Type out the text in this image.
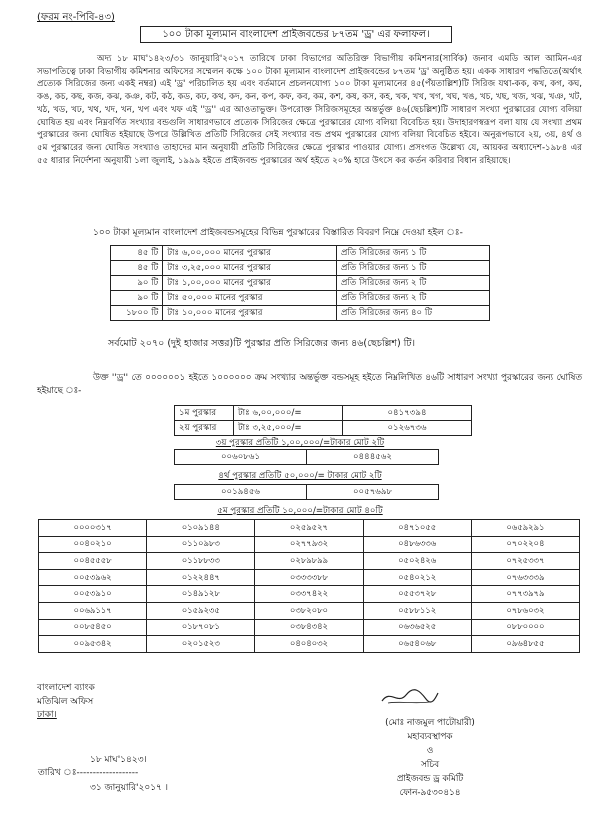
(ফরম নং-পিবি-৪৩)
১০০ টাকা মূল্যমান বাংলাদেশ প্রাইজবন্ডের ৮৭তম 'ড্র' এর ফলাফল।
অদ্য ১৮ মাঘ'১৪২৩/৩১ জানুয়ারি'২০১৭ তারিখে ঢাকা বিভাগের অতিরিক্ত বিভাগীয় কমিশনার(সার্বিক) জনাব এমডি আল আমিন-এর সভাপতিত্বে ঢাকা বিভাগীয় কমিশনার অফিসের সম্মেলন কক্ষে ১০০ টাকা মূল্যমান বাংলাদেশ প্রাইজবন্ডের ৮৭তম 'ড্র' অনুষ্ঠিত হয়। একক সাধারণ পদ্ধতিতে(অর্থাৎ প্রত্যেক সিরিজের জন্য একই নম্বর) এই 'ড্র' পরিচালিত হয় এবং বর্তমানে প্রচলনযোগ্য ১০০ টাকা মূল্যমানের ৪৫(পঁয়তাল্লিশ)টি সিরিজ যথা-কক, কখ, কগ, কঘ, কঙ, কচ, কছ, কজ, কঝ, কঞ, কট, কঠ, কড, কঢ, কথ, কদ, কন, কপ, কফ, কব, কম, কশ, কষ, কস, কহ, খক, খখ, খগ, খঘ, খঙ, খচ, খছ, খজ, খঝ, খঞ, খট, খঠ, খড, খঢ, খথ, খদ, খন, খপ এবং খফ এই ''ড্র'' এর আওতাভুক্ত। উপরোক্ত সিরিজসমূহের অন্তর্ভুক্ত ৪৬(ছেচল্লিশ)টি সাধারণ সংখ্যা পুরস্কারের যোগ্য বলিয়া ঘোষিত হয় এবং নিম্নবর্ণিত সংখ্যার বন্ডগুলি সাধারণভাবে প্রত্যেক সিরিজের ক্ষেত্রে পুরস্কারের যোগ্য বলিয়া বিবেচিত হয়। উদাহারণস্বরূপ বলা যায় যে সংখ্যা প্রথম পুরস্কারের জন্য ঘোষিত হইয়াছে উপরে উল্লিখিত প্রতিটি সিরিজের সেই সংখ্যার বন্ড প্রথম পুরস্কারের যোগ্য বলিয়া বিবেচিত হইবে। অনুরূপভাবে ২য়, ৩য়, ৪র্থ ও ৫ম পুরস্কারের জন্য ঘোষিত সংখ্যাও তাহাদের মান অনুযায়ী প্রতিটি সিরিজের ক্ষেত্রে পুরস্কার পাওয়ার যোগ্য। প্রসংগত উল্লেখ্য যে, আয়কর অধ্যাদেশ-১৯৮৪ এর ৫৫ ধারার নির্দেশনা অনুযায়ী ১লা জুলাই, ১৯৯৯ হইতে প্রাইজবন্ড পুরস্কারের অর্থ হইতে ২০% হারে উৎসে কর কর্তন করিবার বিধান রহিয়াছে।
১০০ টাকা মূল্যমান বাংলাদেশ প্রাইজবন্ডসমূহের বিভিন্ন পুরস্কারের বিস্তারিত বিবরণ নিম্নে দেওয়া হইল ঃ-
৪৫ টি	টাঃ ৬,০০,০০০ মানের পুরস্কার	প্রতি সিরিজের জন্য ১ টি
৪৫ টি	টাঃ ৩,২৫,০০০ মানের পুরস্কার	প্রতি সিরিজের জন্য ১ টি
৯০ টি	টাঃ ১,০০,০০০ মানের পুরস্কার	প্রতি সিরিজের জন্য ২ টি
৯০ টি	টাঃ ৫০,০০০ মানের পুরস্কার	প্রতি সিরিজের জন্য ২ টি
১৮০০ টি	টাঃ ১০,০০০ মানের পুরস্কার	প্রতি সিরিজের জন্য ৪০ টি
সর্বমোট ২০৭০ (দুই হাজার সত্তর)টি পুরস্কার প্রতি সিরিজের জন্য ৪৬(ছেচল্লিশ) টি।
উক্ত ''ড্র'' তে ০০০০০০১ হইতে ১০০০০০০ ক্রম সংখ্যার অন্তর্ভুক্ত বন্ডসমূহ হইতে নিম্নলিখিত ৪৬টি সাধারণ সংখ্যা পুরস্কারের জন্য ঘোষিত হইয়াছে ঃ-
১ম পুরস্কার	টাঃ ৬,০০,০০০/=	০৪১৭৩৯৪
২য় পুরস্কার	টাঃ ৩,২৫,০০০/=	০১২৬৭৩৬
৩য় পুরস্কার প্রতিটি ১,০০,০০০/=টাকার মোট ২টি
০০৬০৮৬১	০৪৪৪৫৬২
৪র্থ পুরস্কার প্রতিটি ৫০,০০০/= টাকার মোট ২টি
০০১৯৪৫৬	০০৫৭৬৯৮
৫ম পুরস্কার প্রতিটি ১০,০০০/=টাকার মোট ৪০টি
০০০০৩১৭	০১০৯১৪৪	০২৫৯৫২৭	০৪৭১০৫৫	০৬৫৯২৯১
০০৪০২১০	০১১০৯৮৩	০২৭৭৯৩২	০৪৮৬৩৩৬	০৭০২২০৪
০০৪৫৫৫৮	০১১৮৮৩৩	০২৮৯৮৯৯	০৫০২৪২৬	০৭২৫৩৩৭
০০৫৩৯৬২	০১২২৪৪৭	০৩৩৩৩৮৮	০৫৪০২১২	০৭৬৩৩৩৯
০০৫৩৯১০	০১৪৯১২৮	০৩৩৭৪২২	০৫৫৩৭২৮	০৭৭৩৯৭৯
০০৬৯১১৭	০১৫৯২৩৫	০৩৮২০৮০	০৫৮৮১১২	০৭৮৬০৩২
০০৮৫৪৫০	০১৮৭০৮১	০৩৮৪৩৪২	০৬৩৬৫২৫	০৮৮০০০০
০০৯৫৩৪২	০২০১৫২৩	০৪০৪০৩২	০৬৫৪০৬৮	০৯৬৪৮৫৫
বাংলাদেশ ব্যাংক
মতিঝিল অফিস
ঢাকা।
১৮ মাঘ'১৪২৩।
তারিখ ঃ-------------------
৩১ জানুয়ারি'২০১৭ ।
(মোঃ নাজমুল পাটোয়ারী)
মহাব্যবস্থাপক
ও
সচিব
প্রাইজবন্ড ড্র কমিটি
ফোন-৯৫৩০৪১৪
